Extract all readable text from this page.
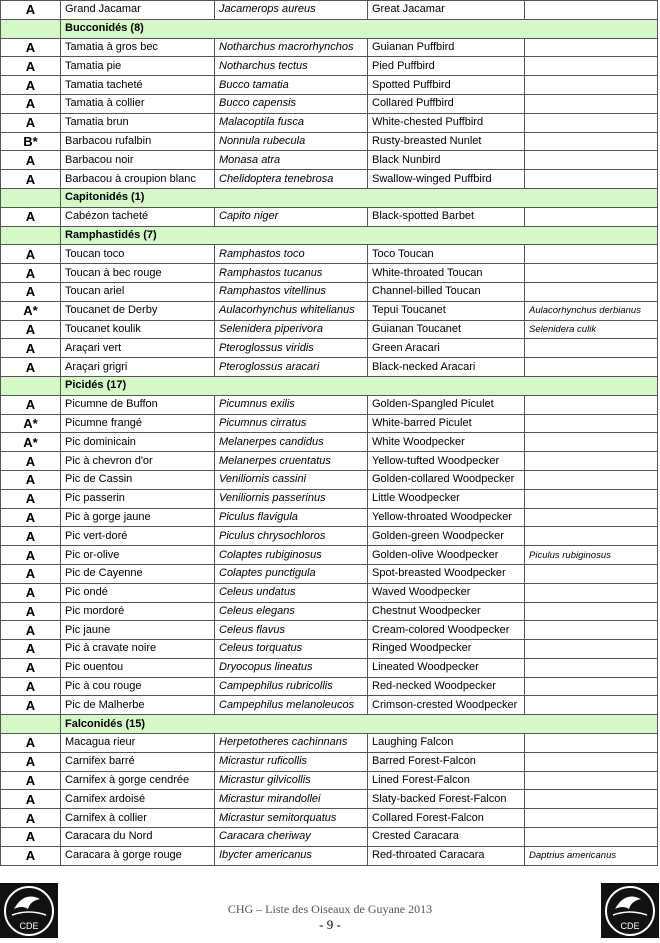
A	Grand Jacamar	Jacamerops aureus	Great Jacamar	
	Bucconidés (8)			
A	Tamatia à gros bec	Notharchus macrorhynchos	Guianan Puffbird	
A	Tamatia pie	Notharchus tectus	Pied Puffbird	
A	Tamatia tacheté	Bucco tamatia	Spotted Puffbird	
A	Tamatia à collier	Bucco capensis	Collared Puffbird	
A	Tamatia brun	Malacoptila fusca	White-chested Puffbird	
B*	Barbacou rufalbin	Nonnula rubecula	Rusty-breasted Nunlet	
A	Barbacou noir	Monasa atra	Black Nunbird	
A	Barbacou à croupion blanc	Chelidoptera tenebrosa	Swallow-winged Puffbird	
	Capitonidés (1)			
A	Cabézon tacheté	Capito niger	Black-spotted Barbet	
	Ramphastidés (7)			
A	Toucan toco	Ramphastos toco	Toco Toucan	
A	Toucan à bec rouge	Ramphastos tucanus	White-throated Toucan	
A	Toucan ariel	Ramphastos vitellinus	Channel-billed Toucan	
A*	Toucanet de Derby	Aulacorhynchus whitelianus	Tepui Toucanet	Aulacorhynchus derbianus
A	Toucanet koulik	Selenidera piperivora	Guianan Toucanet	Selenidera culik
A	Araçari vert	Pteroglossus viridis	Green Aracari	
A	Araçari grigri	Pteroglossus aracari	Black-necked Aracari	
	Picidés (17)			
A	Picumne de Buffon	Picumnus exilis	Golden-Spangled Piculet	
A*	Picumne frangé	Picumnus cirratus	White-barred Piculet	
A*	Pic dominicain	Melanerpes candidus	White Woodpecker	
A	Pic à chevron d'or	Melanerpes cruentatus	Yellow-tufted Woodpecker	
A	Pic de Cassin	Veniliornis cassini	Golden-collared Woodpecker	
A	Pic passerin	Veniliornis passerinus	Little Woodpecker	
A	Pic à gorge jaune	Piculus flavigula	Yellow-throated Woodpecker	
A	Pic vert-doré	Piculus chrysochloros	Golden-green Woodpecker	
A	Pic or-olive	Colaptes rubiginosus	Golden-olive Woodpecker	Piculus rubiginosus
A	Pic de Cayenne	Colaptes punctigula	Spot-breasted Woodpecker	
A	Pic ondé	Celeus undatus	Waved Woodpecker	
A	Pic mordoré	Celeus elegans	Chestnut Woodpecker	
A	Pic jaune	Celeus flavus	Cream-colored Woodpecker	
A	Pic à cravate noire	Celeus torquatus	Ringed Woodpecker	
A	Pic ouentou	Dryocopus lineatus	Lineated Woodpecker	
A	Pic à cou rouge	Campephilus rubricollis	Red-necked Woodpecker	
A	Pic de Malherbe	Campephilus melanoleucos	Crimson-crested Woodpecker	
	Falconidés (15)			
A	Macagua rieur	Herpetotheres cachinnans	Laughing Falcon	
A	Carnifex barré	Micrastur ruficollis	Barred Forest-Falcon	
A	Carnifex à gorge cendrée	Micrastur gilvicollis	Lined Forest-Falcon	
A	Carnifex ardoisé	Micrastur mirandollei	Slaty-backed Forest-Falcon	
A	Carnifex à collier	Micrastur semitorquatus	Collared Forest-Falcon	
A	Caracara du Nord	Caracara cheriway	Crested Caracara	
A	Caracara à gorge rouge	Ibycter americanus	Red-throated Caracara	Daptrius americanus
CDE	CDE
CHG – Liste des Oiseaux de Guyane 2013
- 9 -
